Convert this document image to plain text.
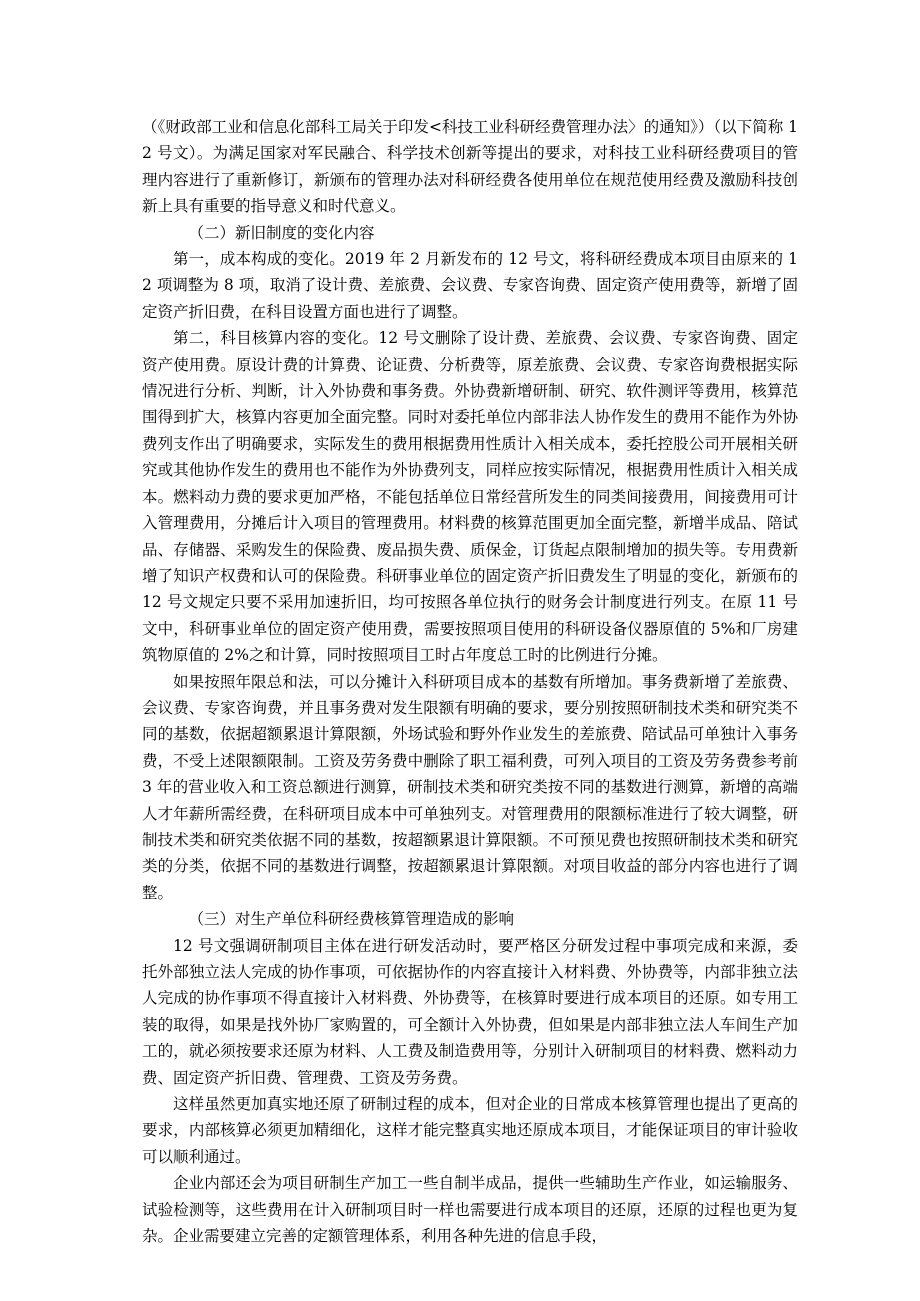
（《财政部工业和信息化部科工局关于印发<科技工业科研经费管理办法〉的通知》）（以下简称 12 号文）。为满足国家对军民融合、科学技术创新等提出的要求，对科技工业科研经费项目的管理内容进行了重新修订，新颁布的管理办法对科研经费各使用单位在规范使用经费及激励科技创新上具有重要的指导意义和时代意义。

（二）新旧制度的变化内容

第一，成本构成的变化。2019 年 2 月新发布的 12 号文，将科研经费成本项目由原来的 12 项调整为 8 项，取消了设计费、差旅费、会议费、专家咨询费、固定资产使用费等，新增了固定资产折旧费，在科目设置方面也进行了调整。

第二，科目核算内容的变化。12 号文删除了设计费、差旅费、会议费、专家咨询费、固定资产使用费。原设计费的计算费、论证费、分析费等，原差旅费、会议费、专家咨询费根据实际情况进行分析、判断，计入外协费和事务费。外协费新增研制、研究、软件测评等费用，核算范围得到扩大，核算内容更加全面完整。同时对委托单位内部非法人协作发生的费用不能作为外协费列支作出了明确要求，实际发生的费用根据费用性质计入相关成本，委托控股公司开展相关研究或其他协作发生的费用也不能作为外协费列支，同样应按实际情况，根据费用性质计入相关成本。燃料动力费的要求更加严格，不能包括单位日常经营所发生的同类间接费用，间接费用可计入管理费用，分摊后计入项目的管理费用。材料费的核算范围更加全面完整，新增半成品、陪试品、存储器、采购发生的保险费、废品损失费、质保金，订货起点限制增加的损失等。专用费新增了知识产权费和认可的保险费。科研事业单位的固定资产折旧费发生了明显的变化，新颁布的 12 号文规定只要不采用加速折旧，均可按照各单位执行的财务会计制度进行列支。在原 11 号文中，科研事业单位的固定资产使用费，需要按照项目使用的科研设备仪器原值的 5%和厂房建筑物原值的 2%之和计算，同时按照项目工时占年度总工时的比例进行分摊。

如果按照年限总和法，可以分摊计入科研项目成本的基数有所增加。事务费新增了差旅费、会议费、专家咨询费，并且事务费对发生限额有明确的要求，要分别按照研制技术类和研究类不同的基数，依据超额累退计算限额，外场试验和野外作业发生的差旅费、陪试品可单独计入事务费，不受上述限额限制。工资及劳务费中删除了职工福利费，可列入项目的工资及劳务费参考前 3 年的营业收入和工资总额进行测算，研制技术类和研究类按不同的基数进行测算，新增的高端人才年薪所需经费，在科研项目成本中可单独列支。对管理费用的限额标准进行了较大调整，研制技术类和研究类依据不同的基数，按超额累退计算限额。不可预见费也按照研制技术类和研究类的分类，依据不同的基数进行调整，按超额累退计算限额。对项目收益的部分内容也进行了调整。

（三）对生产单位科研经费核算管理造成的影响

12 号文强调研制项目主体在进行研发活动时，要严格区分研发过程中事项完成和来源，委托外部独立法人完成的协作事项，可依据协作的内容直接计入材料费、外协费等，内部非独立法人完成的协作事项不得直接计入材料费、外协费等，在核算时要进行成本项目的还原。如专用工装的取得，如果是找外协厂家购置的，可全额计入外协费，但如果是内部非独立法人车间生产加工的，就必须按要求还原为材料、人工费及制造费用等，分别计入研制项目的材料费、燃料动力费、固定资产折旧费、管理费、工资及劳务费。

这样虽然更加真实地还原了研制过程的成本，但对企业的日常成本核算管理也提出了更高的要求，内部核算必须更加精细化，这样才能完整真实地还原成本项目，才能保证项目的审计验收可以顺利通过。

企业内部还会为项目研制生产加工一些自制半成品，提供一些辅助生产作业，如运输服务、试验检测等，这些费用在计入研制项目时一样也需要进行成本项目的还原，还原的过程也更为复杂。企业需要建立完善的定额管理体系，利用各种先进的信息手段，
